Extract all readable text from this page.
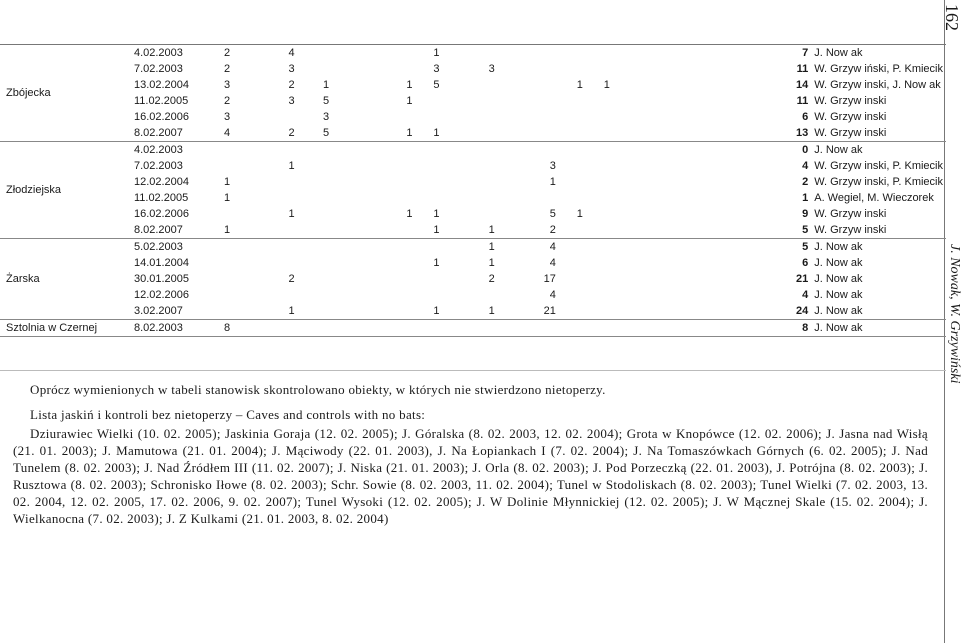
Zbójecka	4.02.2003	2	4			1					7	J. Now ak
	7.02.2003	2	3			3	3				11	W. Grzyw iński, P. Kmiecik
	13.02.2004	3	2	1	1	5			1	1	14	W. Grzyw inski, J. Now ak
	11.02.2005	2	3	5	1						11	W. Grzyw inski
	16.02.2006	3		3							6	W. Grzyw inski
	8.02.2007	4	2	5	1	1					13	W. Grzyw inski
Złodziejska	4.02.2003										0	J. Now ak
	7.02.2003		1					3			4	W. Grzyw inski, P. Kmiecik
	12.02.2004	1						1			2	W. Grzyw inski, P. Kmiecik
	11.02.2005	1									1	A. Wegiel, M. Wieczorek
	16.02.2006		1		1	1		5	1		9	W. Grzyw inski
	8.02.2007	1				1	1	2			5	W. Grzyw inski
Żarska	5.02.2003						1	4			5	J. Now ak
	14.01.2004					1	1	4			6	J. Now ak
	30.01.2005		2				2	17			21	J. Now ak
	12.02.2006							4			4	J. Now ak
	3.02.2007		1			1	1	21			24	J. Now ak
Sztolnia w Czernej	8.02.2003	8									8	J. Now ak
Oprócz wymienionych w tabeli stanowisk skontrolowano obiekty, w których nie stwierdzono nietoperzy.
Lista jaskiń i kontroli bez nietoperzy – Caves and controls with no bats:
Dziurawiec Wielki (10. 02. 2005); Jaskinia Goraja (12. 02. 2005); J. Góralska (8. 02. 2003, 12. 02. 2004); Grota w Knopówce (12. 02. 2006); J. Jasna nad Wisłą (21. 01. 2003); J. Mamutowa (21. 01. 2004); J. Mąciwody (22. 01. 2003), J. Na Łopiankach I (7. 02. 2004); J. Na Tomaszówkach Górnych (6. 02. 2005); J. Nad Tunelem (8. 02. 2003); J. Nad Źródłem III (11. 02. 2007); J. Niska (21. 01. 2003); J. Orla (8. 02. 2003); J. Pod Porzeczką (22. 01. 2003), J. Potrójna (8. 02. 2003); J. Rusztowa (8. 02. 2003); Schronisko Iłowe (8. 02. 2003); Schr. Sowie (8. 02. 2003, 11. 02. 2004); Tunel w Stodoliskach (8. 02. 2003); Tunel Wielki (7. 02. 2003, 13. 02. 2004, 12. 02. 2005, 17. 02. 2006, 9. 02. 2007); Tunel Wysoki (12. 02. 2005); J. W Dolinie Młynnickiej (12. 02. 2005); J. W Mącznej Skale (15. 02. 2004); J. Wielkanocna (7. 02. 2003); J. Z Kulkami (21. 01. 2003, 8. 02. 2004)
162
J. Nowak, W. Grzywiński
